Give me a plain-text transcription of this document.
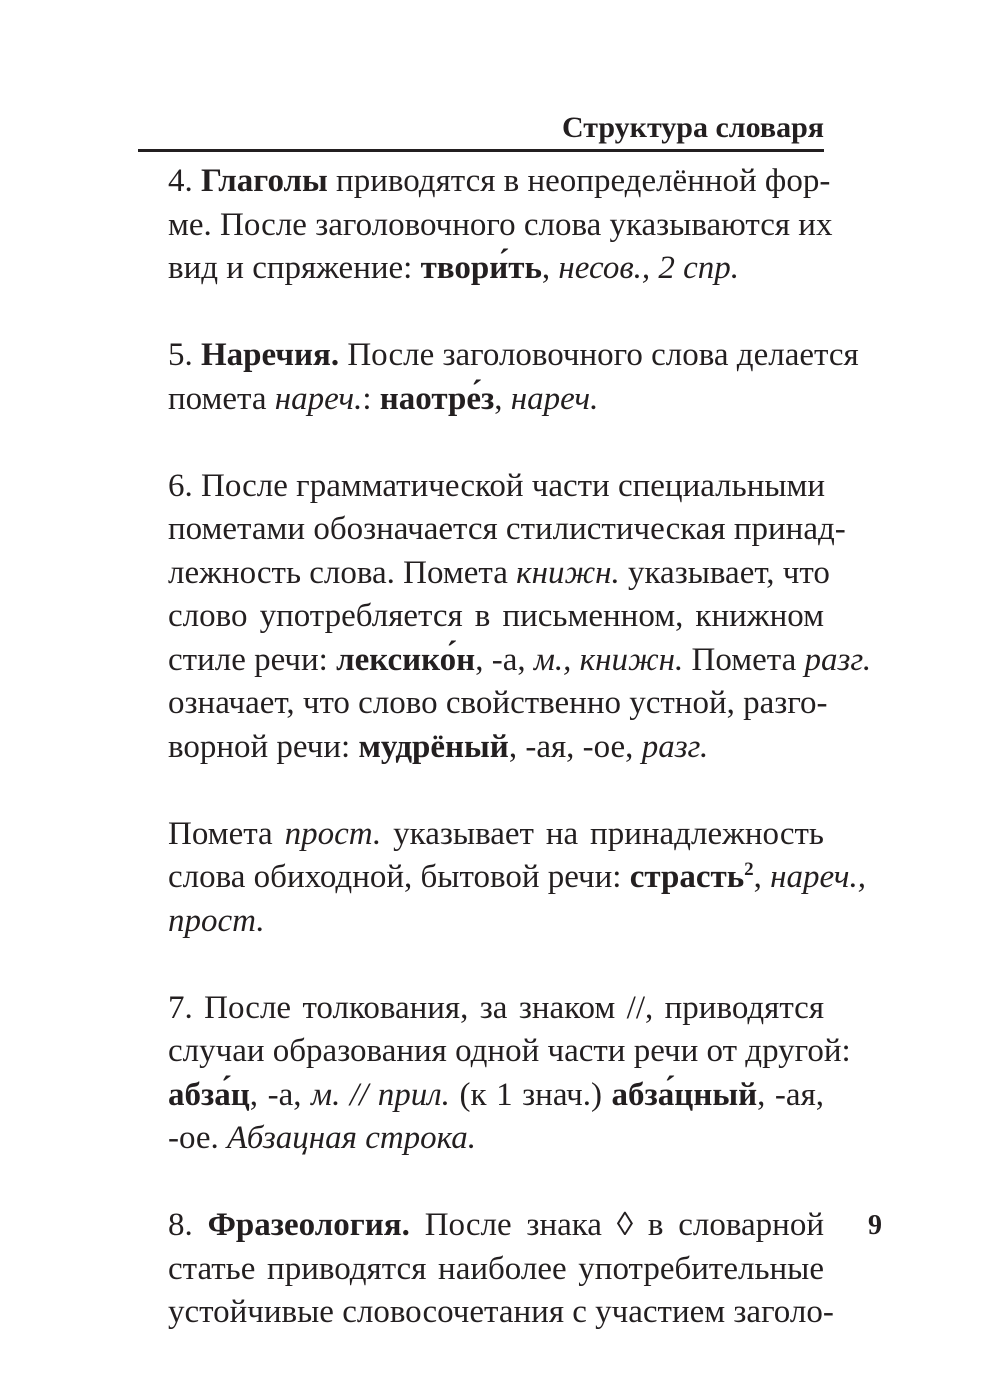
Структура словаря
4. Глаголы приводятся в неопределённой фор-
ме. После заголовочного слова указываются их
вид и спряжение: твори́ть, несов., 2 спр.
5. Наречия. После заголовочного слова делается
помета нареч.: наотре́з, нареч.
6. После грамматической части специальными
пометами обозначается стилистическая принад-
лежность слова. Помета книжн. указывает, что
слово употребляется в письменном, книжном
стиле речи: лексико́н, -а, м., книжн. Помета разг.
означает, что слово свойственно устной, разго-
ворной речи: мудрёный, -ая, -ое, разг.
Помета прост. указывает на принадлежность
слова обиходной, бытовой речи: страсть$^2$, нареч.,
прост.
7. После толкования, за знаком //, приводятся
случаи образования одной части речи от другой:
абза́ц, -а, м. // прил. (к 1 знач.) абза́цный, -ая,
-ое. Абзацная строка.
8. Фразеология. После знака ◊ в словарной
статье приводятся наиболее употребительные
устойчивые словосочетания с участием заголо-
9
